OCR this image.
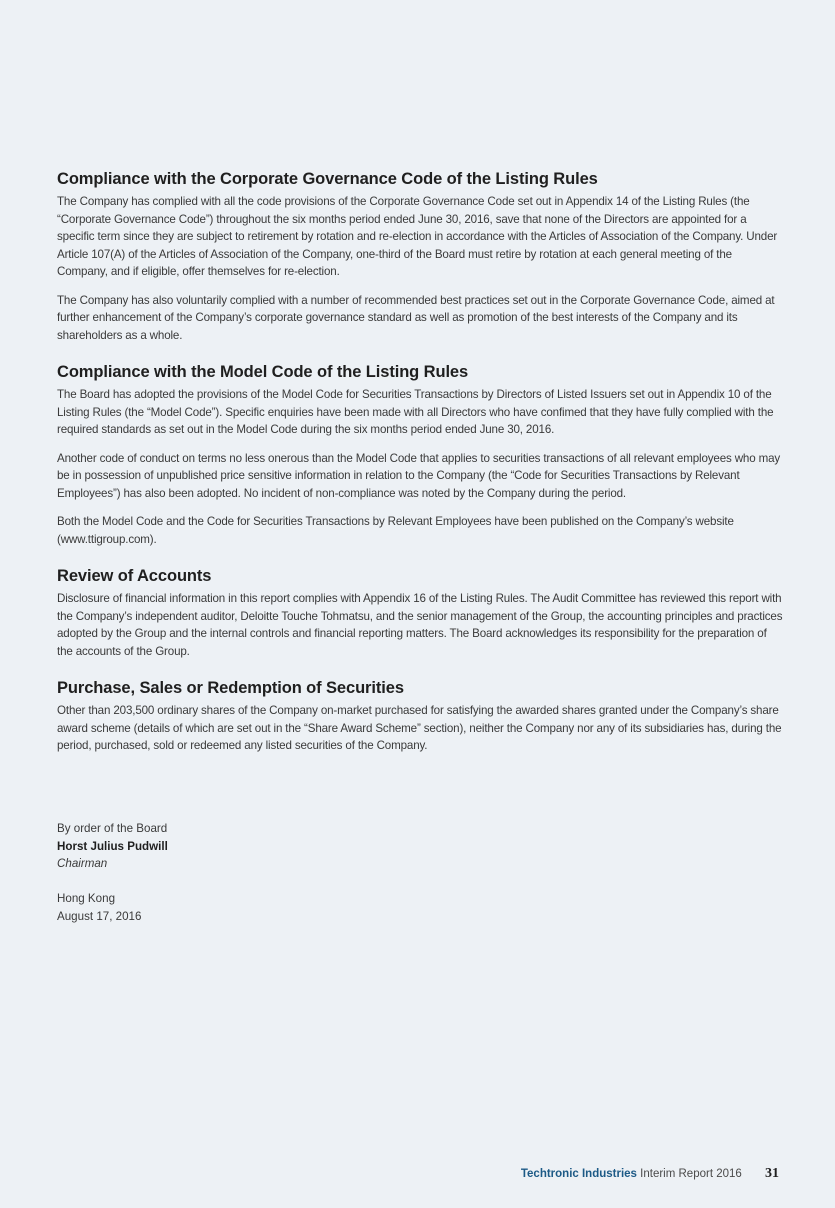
Compliance with the Corporate Governance Code of the Listing Rules

The Company has complied with all the code provisions of the Corporate Governance Code set out in Appendix 14 of the Listing Rules (the “Corporate Governance Code”) throughout the six months period ended June 30, 2016, save that none of the Directors are appointed for a specific term since they are subject to retirement by rotation and re-election in accordance with the Articles of Association of the Company. Under Article 107(A) of the Articles of Association of the Company, one-third of the Board must retire by rotation at each general meeting of the Company, and if eligible, offer themselves for re-election.

The Company has also voluntarily complied with a number of recommended best practices set out in the Corporate Governance Code, aimed at further enhancement of the Company’s corporate governance standard as well as promotion of the best interests of the Company and its shareholders as a whole.

Compliance with the Model Code of the Listing Rules

The Board has adopted the provisions of the Model Code for Securities Transactions by Directors of Listed Issuers set out in Appendix 10 of the Listing Rules (the “Model Code”). Specific enquiries have been made with all Directors who have confimed that they have fully complied with the required standards as set out in the Model Code during the six months period ended June 30, 2016.

Another code of conduct on terms no less onerous than the Model Code that applies to securities transactions of all relevant employees who may be in possession of unpublished price sensitive information in relation to the Company (the “Code for Securities Transactions by Relevant Employees”) has also been adopted. No incident of non-compliance was noted by the Company during the period.

Both the Model Code and the Code for Securities Transactions by Relevant Employees have been published on the Company’s website (www.ttigroup.com).

Review of Accounts

Disclosure of financial information in this report complies with Appendix 16 of the Listing Rules. The Audit Committee has reviewed this report with the Company’s independent auditor, Deloitte Touche Tohmatsu, and the senior management of the Group, the accounting principles and practices adopted by the Group and the internal controls and financial reporting matters. The Board acknowledges its responsibility for the preparation of the accounts of the Group.

Purchase, Sales or Redemption of Securities

Other than 203,500 ordinary shares of the Company on-market purchased for satisfying the awarded shares granted under the Company’s share award scheme (details of which are set out in the “Share Award Scheme” section), neither the Company nor any of its subsidiaries has, during the period, purchased, sold or redeemed any listed securities of the Company.

By order of the Board
Horst Julius Pudwill
Chairman
Hong Kong
August 17, 2016
Techtronic Industries Interim Report 2016 31
